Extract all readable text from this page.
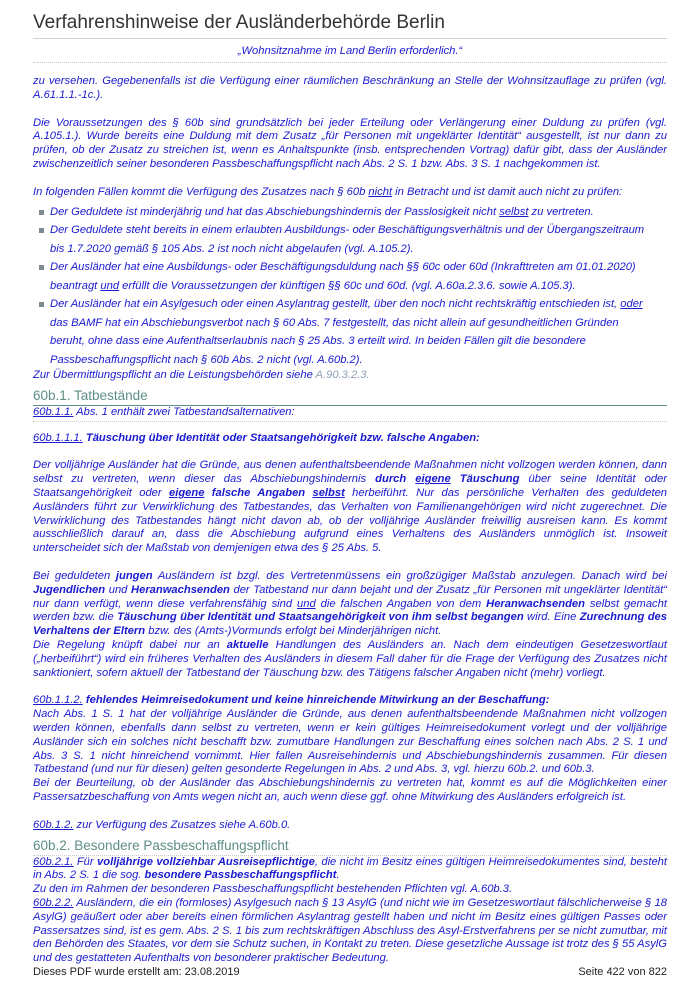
Verfahrenshinweise der Ausländerbehörde Berlin
„Wohnsitznahme im Land Berlin erforderlich.“

zu versehen. Gegebenenfalls ist die Verfügung einer räumlichen Beschränkung an Stelle der Wohnsitzauflage zu prüfen (vgl. A.61.1.1.-1c.).

Die Voraussetzungen des § 60b sind grundsätzlich bei jeder Erteilung oder Verlängerung einer Duldung zu prüfen (vgl. A.105.1.). Wurde bereits eine Duldung mit dem Zusatz „für Personen mit ungeklärter Identität“ ausgestellt, ist nur dann zu prüfen, ob der Zusatz zu streichen ist, wenn es Anhaltspunkte (insb. entsprechenden Vortrag) dafür gibt, dass der Ausländer zwischenzeitlich seiner besonderen Passbeschaffungspflicht nach Abs. 2 S. 1 bzw. Abs. 3 S. 1 nachgekommen ist.

In folgenden Fällen kommt die Verfügung des Zusatzes nach § 60b nicht in Betracht und ist damit auch nicht zu prüfen:

Der Geduldete ist minderjährig und hat das Abschiebungshindernis der Passlosigkeit nicht selbst zu vertreten.
Der Geduldete steht bereits in einem erlaubten Ausbildungs- oder Beschäftigungsverhältnis und der Übergangszeitraum
bis 1.7.2020 gemäß § 105 Abs. 2 ist noch nicht abgelaufen (vgl. A.105.2).
Der Ausländer hat eine Ausbildungs- oder Beschäftigungsduldung nach §§ 60c oder 60d (Inkrafttreten am 01.01.2020)
beantragt und erfüllt die Voraussetzungen der künftigen §§ 60c und 60d. (vgl. A.60a.2.3.6. sowie A.105.3).
Der Ausländer hat ein Asylgesuch oder einen Asylantrag gestellt, über den noch nicht rechtskräftig entschieden ist, oder
das BAMF hat ein Abschiebungsverbot nach § 60 Abs. 7 festgestellt, das nicht allein auf gesundheitlichen Gründen
beruht, ohne dass eine Aufenthaltserlaubnis nach § 25 Abs. 3 erteilt wird. In beiden Fällen gilt die besondere
Passbeschaffungspflicht nach § 60b Abs. 2 nicht (vgl. A.60b.2).

Zur Übermittlungspflicht an die Leistungsbehörden siehe A.90.3.2.3.

60b.1. Tatbestände

60b.1.1. Abs. 1 enthält zwei Tatbestandsalternativen:

60b.1.1.1. Täuschung über Identität oder Staatsangehörigkeit bzw. falsche Angaben:

Der volljährige Ausländer hat die Gründe, aus denen aufenthaltsbeendende Maßnahmen nicht vollzogen werden können, dann selbst zu vertreten, wenn dieser das Abschiebungshindernis durch eigene Täuschung über seine Identität oder Staatsangehörigkeit oder eigene falsche Angaben selbst herbeiführt. Nur das persönliche Verhalten des geduldeten Ausländers führt zur Verwirklichung des Tatbestandes, das Verhalten von Familienangehörigen wird nicht zugerechnet. Die Verwirklichung des Tatbestandes hängt nicht davon ab, ob der volljährige Ausländer freiwillig ausreisen kann. Es kommt ausschließlich darauf an, dass die Abschiebung aufgrund eines Verhaltens des Ausländers unmöglich ist. Insoweit unterscheidet sich der Maßstab von demjenigen etwa des § 25 Abs. 5.

Bei geduldeten jungen Ausländern ist bzgl. des Vertretenmüssens ein großzügiger Maßstab anzulegen. Danach wird bei Jugendlichen und Heranwachsenden der Tatbestand nur dann bejaht und der Zusatz „für Personen mit ungeklärter Identität“ nur dann verfügt, wenn diese verfahrensfähig sind und die falschen Angaben von dem Heranwachsenden selbst gemacht werden bzw. die Täuschung über Identität und Staatsangehörigkeit von ihm selbst begangen wird. Eine Zurechnung des Verhaltens der Eltern bzw. des (Amts-)Vormunds erfolgt bei Minderjährigen nicht.

Die Regelung knüpft dabei nur an aktuelle Handlungen des Ausländers an. Nach dem eindeutigen Gesetzeswortlaut („herbeiführt“) wird ein früheres Verhalten des Ausländers in diesem Fall daher für die Frage der Verfügung des Zusatzes nicht sanktioniert, sofern aktuell der Tatbestand der Täuschung bzw. des Tätigens falscher Angaben nicht (mehr) vorliegt.

60b.1.1.2. fehlendes Heimreisedokument und keine hinreichende Mitwirkung an der Beschaffung:

Nach Abs. 1 S. 1 hat der volljährige Ausländer die Gründe, aus denen aufenthaltsbeendende Maßnahmen nicht vollzogen werden können, ebenfalls dann selbst zu vertreten, wenn er kein gültiges Heimreisedokument vorlegt und der volljährige Ausländer sich ein solches nicht beschafft bzw. zumutbare Handlungen zur Beschaffung eines solchen nach Abs. 2 S. 1 und Abs. 3 S. 1 nicht hinreichend vornimmt. Hier fallen Ausreisehindernis und Abschiebungshindernis zusammen. Für diesen Tatbestand (und nur für diesen) gelten gesonderte Regelungen in Abs. 2 und Abs. 3, vgl. hierzu 60b.2. und 60b.3.

Bei der Beurteilung, ob der Ausländer das Abschiebungshindernis zu vertreten hat, kommt es auf die Möglichkeiten einer Passersatzbeschaffung von Amts wegen nicht an, auch wenn diese ggf. ohne Mitwirkung des Ausländers erfolgreich ist.

60b.1.2. zur Verfügung des Zusatzes siehe A.60b.0.

60b.2. Besondere Passbeschaffungspflicht

60b.2.1. Für volljährige vollziehbar Ausreisepflichtige, die nicht im Besitz eines gültigen Heimreisedokumentes sind, besteht in Abs. 2 S. 1 die sog. besondere Passbeschaffungspflicht.

Zu den im Rahmen der besonderen Passbeschaffungspflicht bestehenden Pflichten vgl. A.60b.3.

60b.2.2. Ausländern, die ein (formloses) Asylgesuch nach § 13 AsylG (und nicht wie im Gesetzeswortlaut fälschlicherweise § 18 AsylG) geäußert oder aber bereits einen förmlichen Asylantrag gestellt haben und nicht im Besitz eines gültigen Passes oder Passersatzes sind, ist es gem. Abs. 2 S. 1 bis zum rechtskräftigen Abschluss des Asyl-Erstverfahrens per se nicht zumutbar, mit den Behörden des Staates, vor dem sie Schutz suchen, in Kontakt zu treten. Diese gesetzliche Aussage ist trotz des § 55 AsylG und des gestatteten Aufenthalts von besonderer praktischer Bedeutung.

Dieses PDF wurde erstellt am: 23.08.2019	Seite 422 von 822
